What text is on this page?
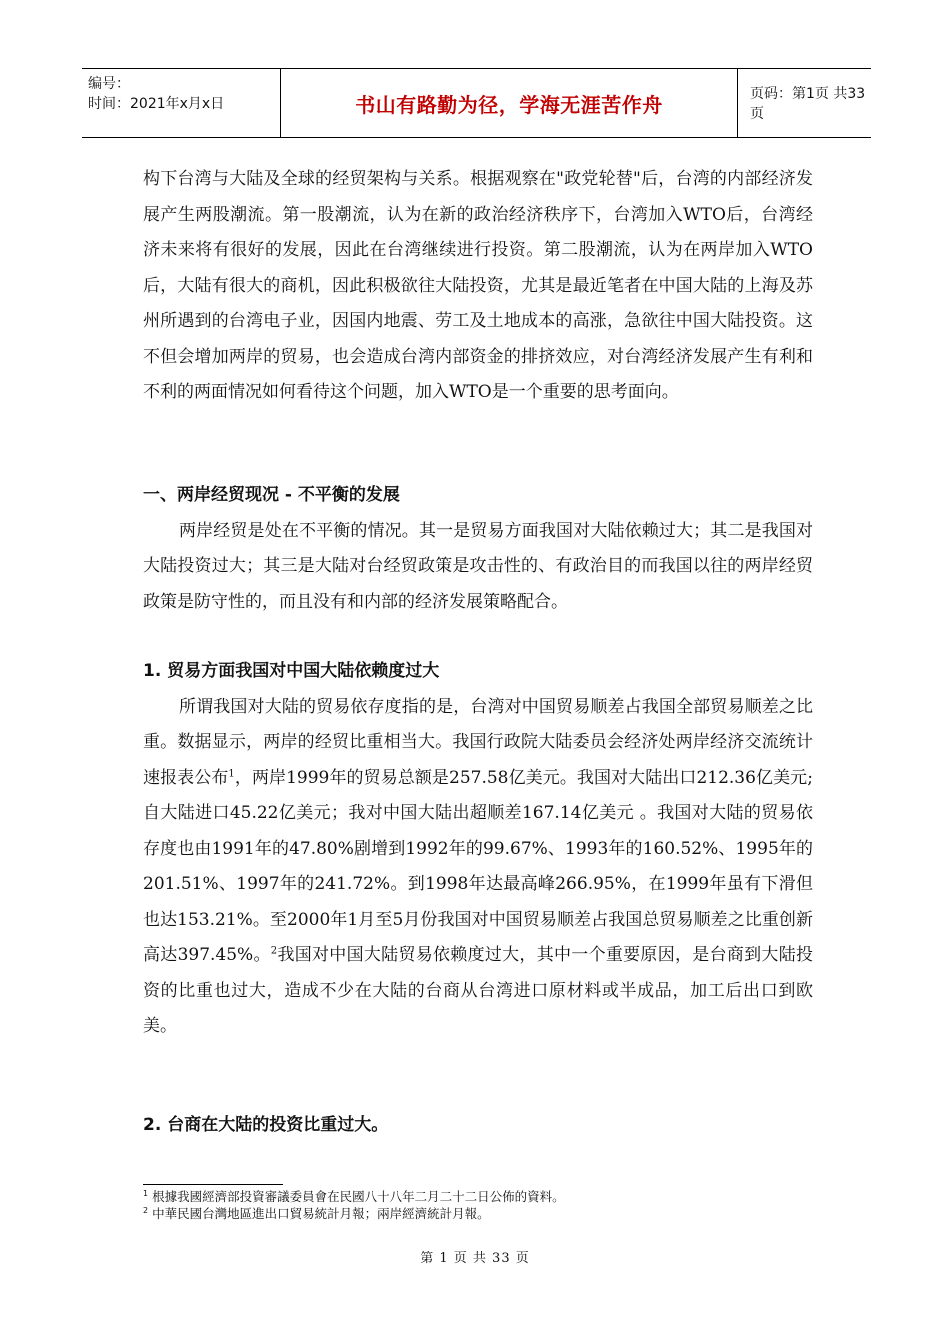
编号：
时间：2021年x月x日	书山有路勤为径，学海无涯苦作舟	页码：第1页 共33页

构下台湾与大陆及全球的经贸架构与关系。根据观察在"政党轮替"后，台湾的内部经济发展产生两股潮流。第一股潮流，认为在新的政治经济秩序下，台湾加入WTO后，台湾经济未来将有很好的发展，因此在台湾继续进行投资。第二股潮流，认为在两岸加入WTO后，大陆有很大的商机，因此积极欲往大陆投资，尤其是最近笔者在中国大陆的上海及苏州所遇到的台湾电子业，因国内地震、劳工及土地成本的高涨，急欲往中国大陆投资。这不但会增加两岸的贸易，也会造成台湾内部资金的排挤效应，对台湾经济发展产生有利和不利的两面情况如何看待这个问题，加入WTO是一个重要的思考面向。

一、两岸经贸现况 - 不平衡的发展

两岸经贸是处在不平衡的情况。其一是贸易方面我国对大陆依赖过大；其二是我国对大陆投资过大；其三是大陆对台经贸政策是攻击性的、有政治目的而我国以往的两岸经贸政策是防守性的，而且没有和内部的经济发展策略配合。

1. 贸易方面我国对中国大陆依赖度过大

所谓我国对大陆的贸易依存度指的是，台湾对中国贸易顺差占我国全部贸易顺差之比重。数据显示，两岸的经贸比重相当大。我国行政院大陆委员会经济处两岸经济交流统计速报表公布$^1$，两岸1999年的贸易总额是257.58亿美元。我国对大陆出口212.36亿美元;自大陆进口45.22亿美元；我对中国大陆出超顺差167.14亿美元 。我国对大陆的贸易依存度也由1991年的47.80%剧增到1992年的99.67%、1993年的160.52%、1995年的201.51%、1997年的241.72%。到1998年达最高峰266.95%，在1999年虽有下滑但也达153.21%。至2000年1月至5月份我国对中国贸易顺差占我国总贸易顺差之比重创新高达397.45%。$^2$我国对中国大陆贸易依赖度过大，其中一个重要原因，是台商到大陆投资的比重也过大，造成不少在大陆的台商从台湾进口原材料或半成品，加工后出口到欧美。

2. 台商在大陆的投资比重过大。

$^1$ 根據我國經濟部投資審議委員會在民國八十八年二月二十二日公佈的資料。
$^2$ 中華民國台灣地區進出口貿易統計月報；兩岸經濟統計月報。
第 1 页 共 33 页
